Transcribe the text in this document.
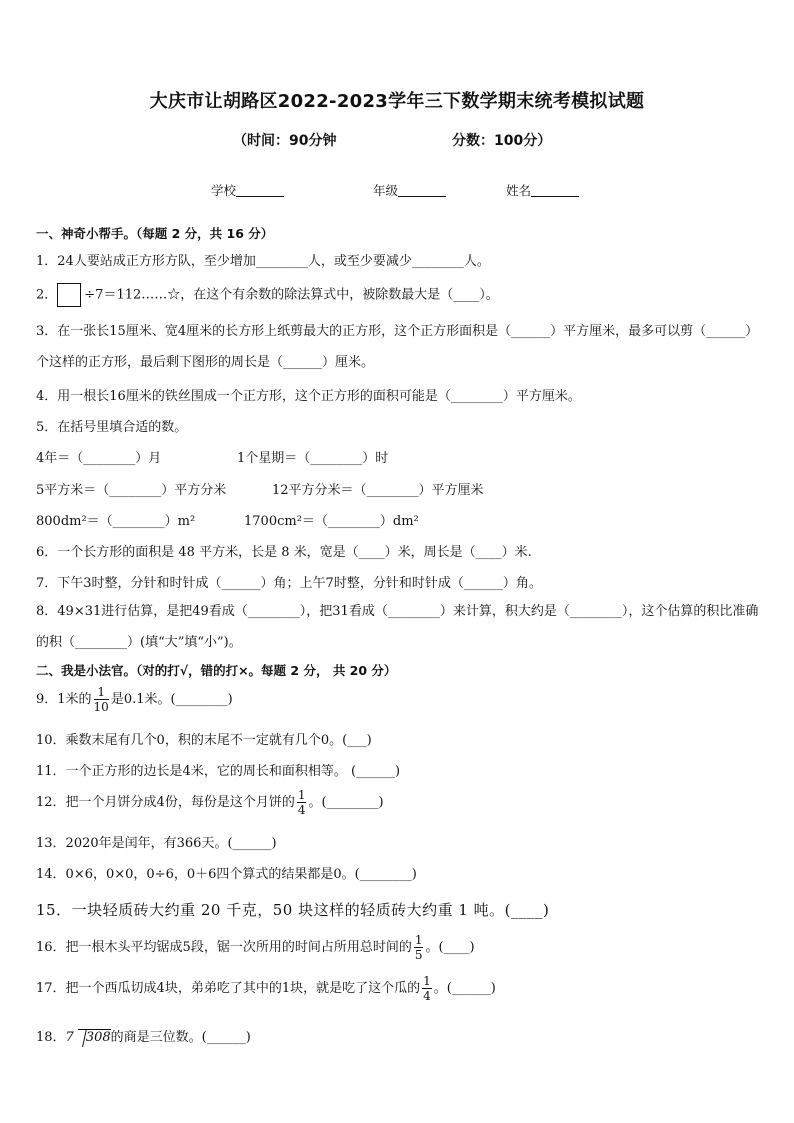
大庆市让胡路区2022-2023学年三下数学期末统考模拟试题
（时间：90分钟	分数：100分）
学校	年级	姓名
一、神奇小帮手。（每题 2 分，共 16 分）
1．24人要站成正方形方队，至少增加________人，或至少要减少________人。
2． ÷7＝112……☆，在这个有余数的除法算式中，被除数最大是（____）。
3．在一张长15厘米、宽4厘米的长方形上纸剪最大的正方形，这个正方形面积是（______）平方厘米，最多可以剪（______）个这样的正方形，最后剩下图形的周长是（______）厘米。
4．用一根长16厘米的铁丝围成一个正方形，这个正方形的面积可能是（________）平方厘米。
5．在括号里填合适的数。
4年＝（________）月	1个星期＝（________）时
5平方米＝（________）平方分米	12平方分米＝（________）平方厘米
800dm²＝（________）m²	1700cm²＝（________）dm²
6．一个长方形的面积是 48 平方米，长是 8 米，宽是（____）米，周长是（____）米.
7．下午3时整，分针和时针成（______）角；上午7时整，分针和时针成（______）角。
8．49×31进行估算，是把49看成（________），把31看成（________）来计算，积大约是（________），这个估算的积比准确的积（________）(填“大”填“小”)。
二、我是小法官。（对的打√，错的打×。每题 2 分， 共 20 分）
9．1米的 $\frac{1}{10}$ 是0.1米。(________)
10．乘数末尾有几个0，积的末尾不一定就有几个0。(___)
11．一个正方形的边长是4米，它的周长和面积相等。 (______)
12．把一个月饼分成4份，每份是这个月饼的 $\frac{1}{4}$ 。(________)
13．2020年是闰年，有366天。(______)
14．0×6，0×0，0÷6，0＋6四个算式的结果都是0。(________)
15．一块轻质砖大约重 20 千克，50 块这样的轻质砖大约重 1 吨。(____)
16．把一根木头平均锯成5段，锯一次所用的时间占所用总时间的 $\frac{1}{5}$ 。(____)
17．把一个西瓜切成4块，弟弟吃了其中的1块，就是吃了这个瓜的 $\frac{1}{4}$ 。(______)
18．7 308的商是三位数。(______)
